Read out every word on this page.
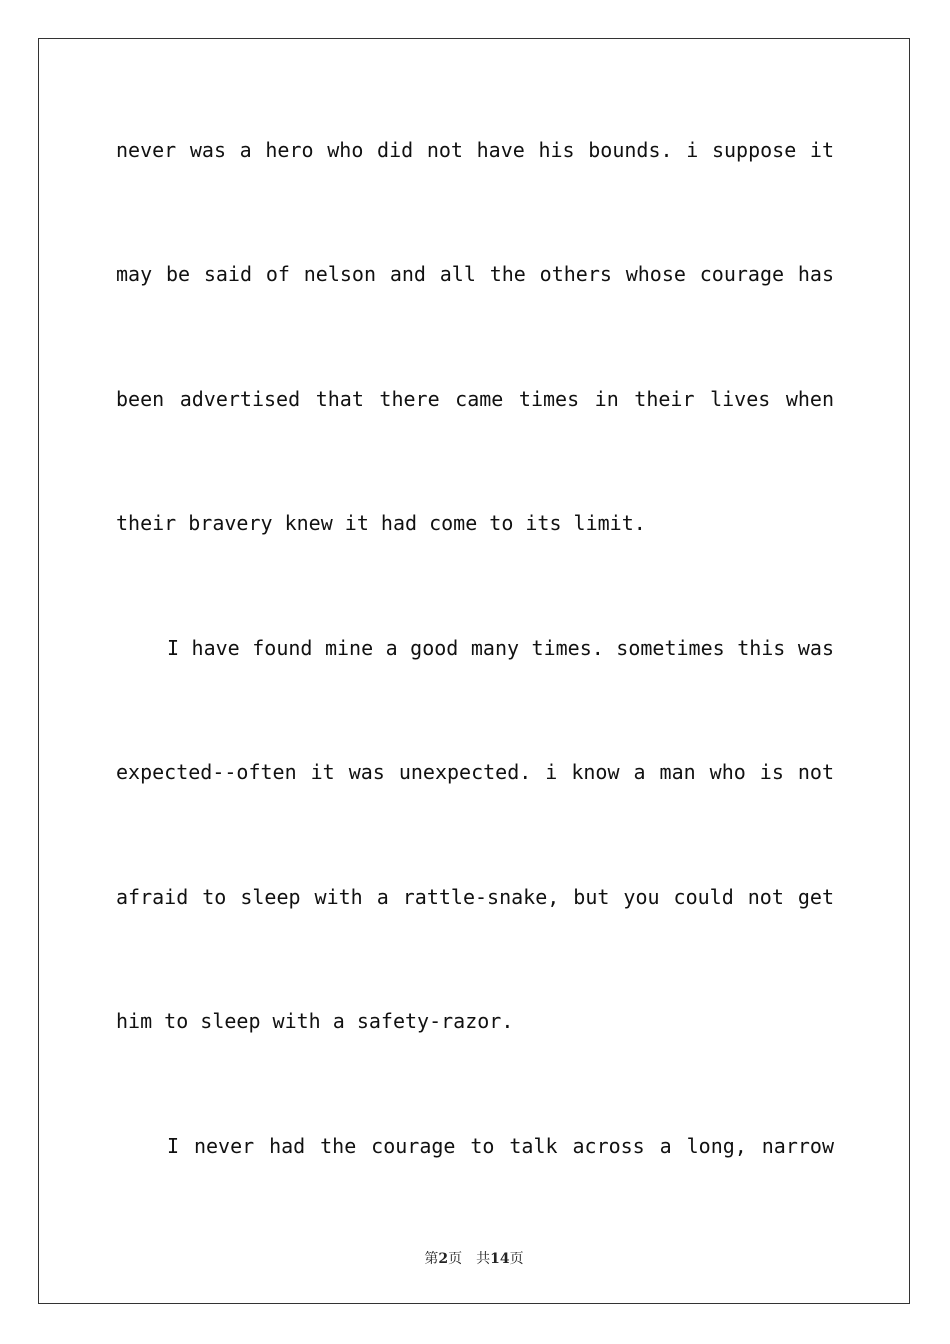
never was a hero who did not have his bounds. i suppose it
may be said of nelson and all the others whose courage has
been advertised that there came times in their lives when
their bravery knew it had come to its limit.
I have found mine a good many times. sometimes this was
expected--often it was unexpected. i know a man who is not
afraid to sleep with a rattle-snake, but you could not get
him to sleep with a safety-razor.
I never had the courage to talk across a long, narrow
第2页 共14页
